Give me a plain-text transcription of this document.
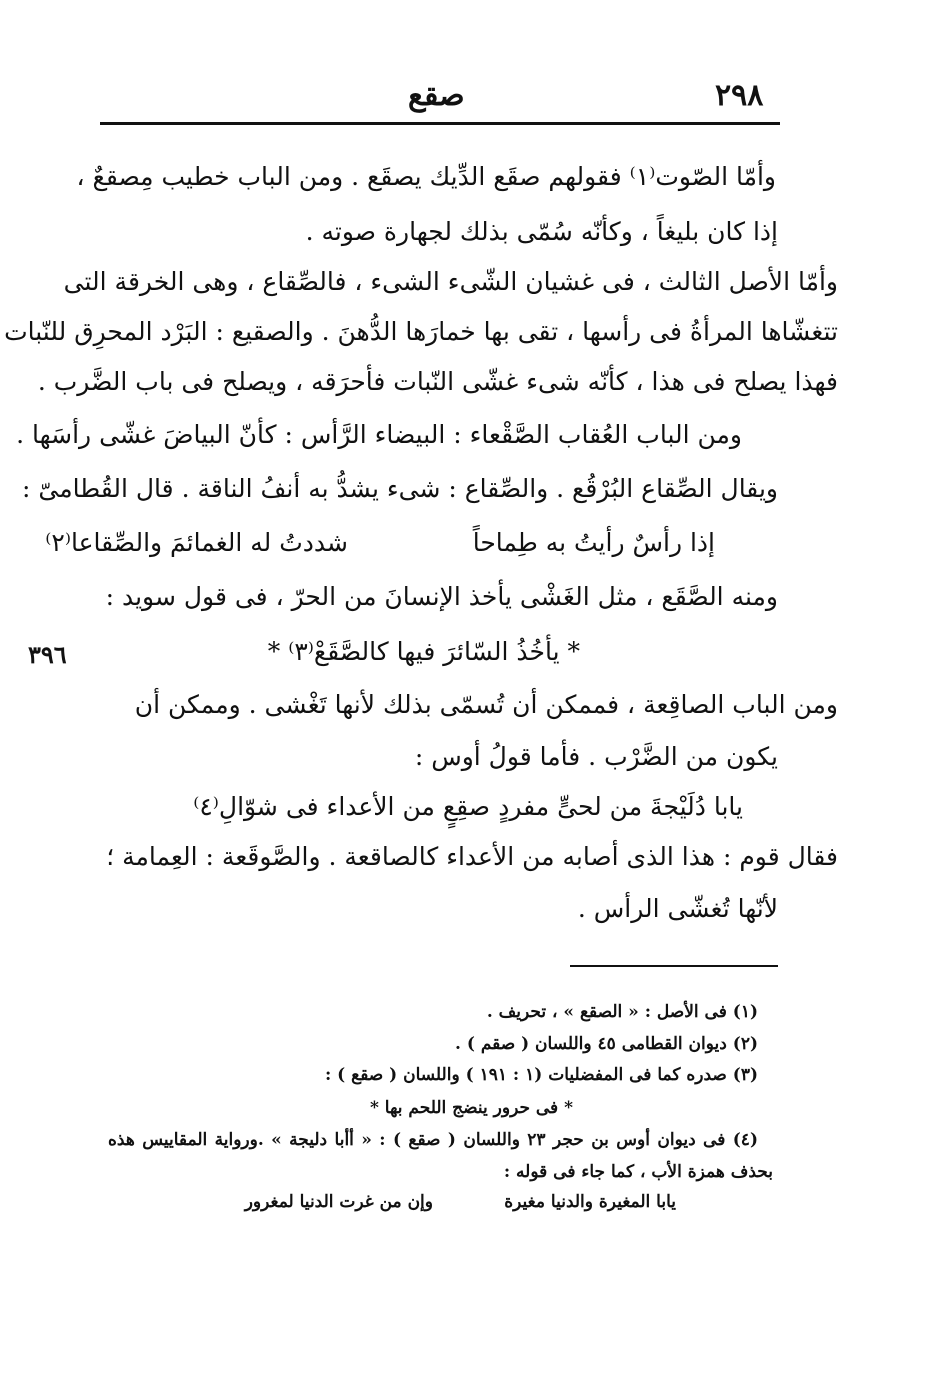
٢٩٨
صقع
٣٩٦
وأمّا الصّوت⁽١⁾ فقولهم صقَع الدِّيك يصقَع . ومن الباب خطيب مِصقعٌ ،
إذا كان بليغاً ، وكأنّه سُمّى بذلك لجهارة صوته .
وأمّا الأصل الثالث ، فى غشيان الشّىء الشىء ، فالصِّقاع ، وهى الخرقة التى
تتغشّاها المرأةُ فى رأسها ، تقى بها خمارَها الدُّهنَ . والصقيع : البَرْد المحرِق للنّبات
فهذا يصلح فى هذا ، كأنّه شىء غشّى النّبات فأحرَقه ، ويصلح فى باب الضَّرب .
ومن الباب العُقاب الصَّقْعاء : البيضاء الرَّأس : كأنّ البياضَ غشّى رأسَها .
ويقال الصِّقاع البُرْقُع . والصِّقاع : شىء يشدُّ به أنفُ الناقة . قال القُطامىّ :
إذا رأسٌ رأيتُ به طِماحاً
شددتُ له الغمائمَ والصِّقاعا⁽٢⁾
ومنه الصَّقَع ، مثل الغَشْى يأخذ الإنسانَ من الحرّ ، فى قول سويد :
* يأخُذُ السّائرَ فيها كالصَّقَعْ⁽٣⁾ *
ومن الباب الصاقِعة ، فممكن أن تُسمّى بذلك لأنها تَغْشى . وممكن أن
يكون من الضَّرْب . فأما قولُ أوس :
يابا دُلَيْجةَ من لحىٍّ مفردٍ
صقِعٍ من الأعداء فى شوّالِ⁽٤⁾
فقال قوم : هذا الذى أصابه من الأعداء كالصاقعة . والصَّوقَعة : العِمامة ؛
لأنّها تُغشّى الرأس .
(١) فى الأصل : « الصقع » ، تحريف .
(٢) ديوان القطامى ٤٥ واللسان ( صقم ) .
(٣) صدره كما فى المفضليات (١ : ١٩١ ) واللسان ( صقع ) :
* فى حرور ينضج اللحم بها *
(٤) فى ديوان أوس بن حجر ٢٣ واللسان ( صقع ) : « أأبا دليجة » .ورواية المقاييس هذه
بحذف همزة الأب ، كما جاء فى قوله :
يابا المغيرة والدنيا مغيرة
وإن من غرت الدنيا لمغرور
